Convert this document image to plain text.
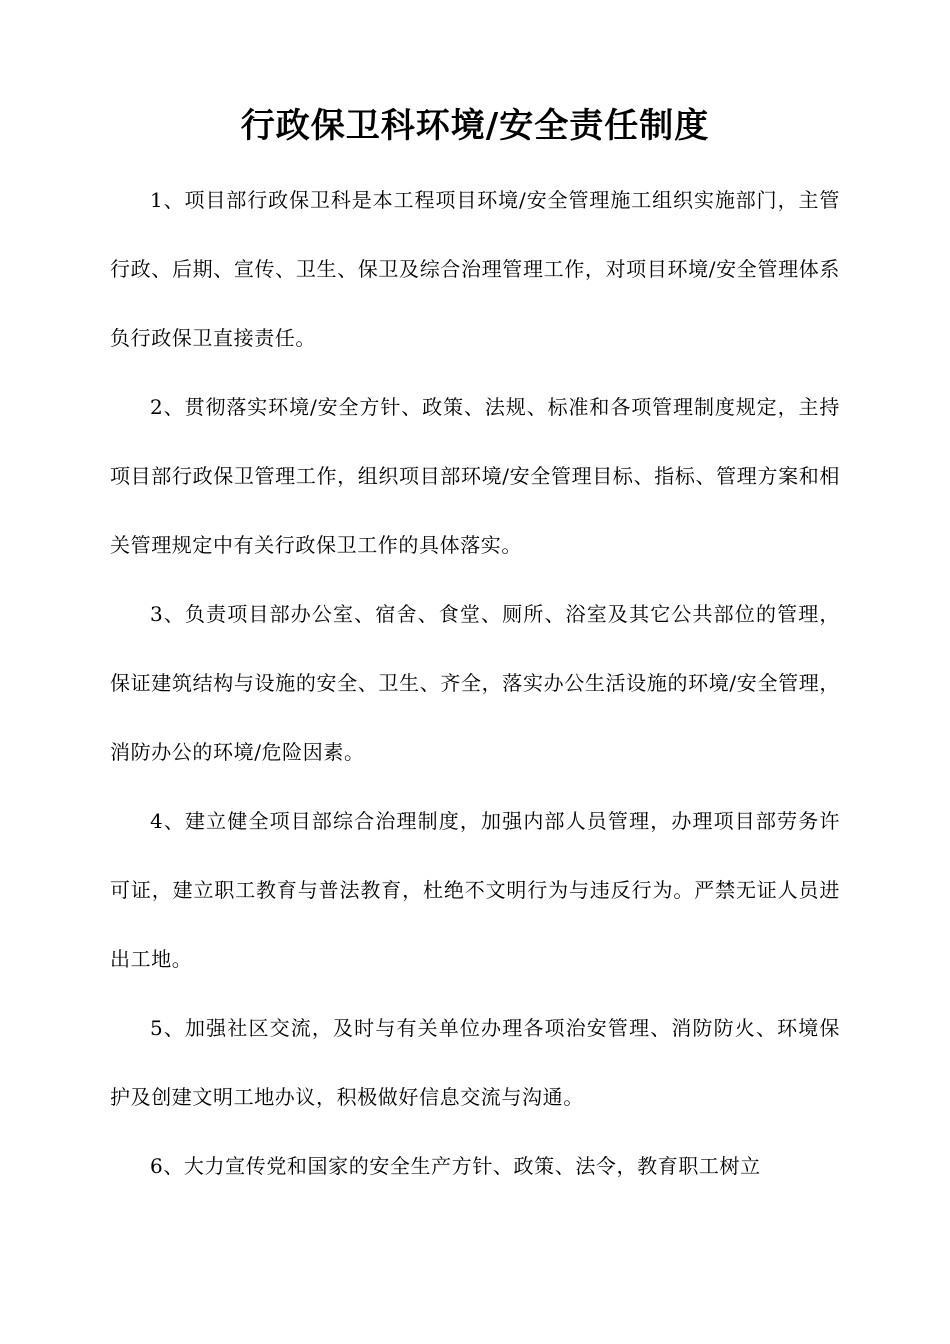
行政保卫科环境/安全责任制度

1、项目部行政保卫科是本工程项目环境/安全管理施工组织实施部门，主管行政、后期、宣传、卫生、保卫及综合治理管理工作，对项目环境/安全管理体系负行政保卫直接责任。

2、贯彻落实环境/安全方针、政策、法规、标准和各项管理制度规定，主持项目部行政保卫管理工作，组织项目部环境/安全管理目标、指标、管理方案和相关管理规定中有关行政保卫工作的具体落实。

3、负责项目部办公室、宿舍、食堂、厕所、浴室及其它公共部位的管理，保证建筑结构与设施的安全、卫生、齐全，落实办公生活设施的环境/安全管理，消防办公的环境/危险因素。

4、建立健全项目部综合治理制度，加强内部人员管理，办理项目部劳务许可证，建立职工教育与普法教育，杜绝不文明行为与违反行为。严禁无证人员进出工地。

5、加强社区交流，及时与有关单位办理各项治安管理、消防防火、环境保护及创建文明工地办议，积极做好信息交流与沟通。

6、大力宣传党和国家的安全生产方针、政策、法令，教育职工树立
